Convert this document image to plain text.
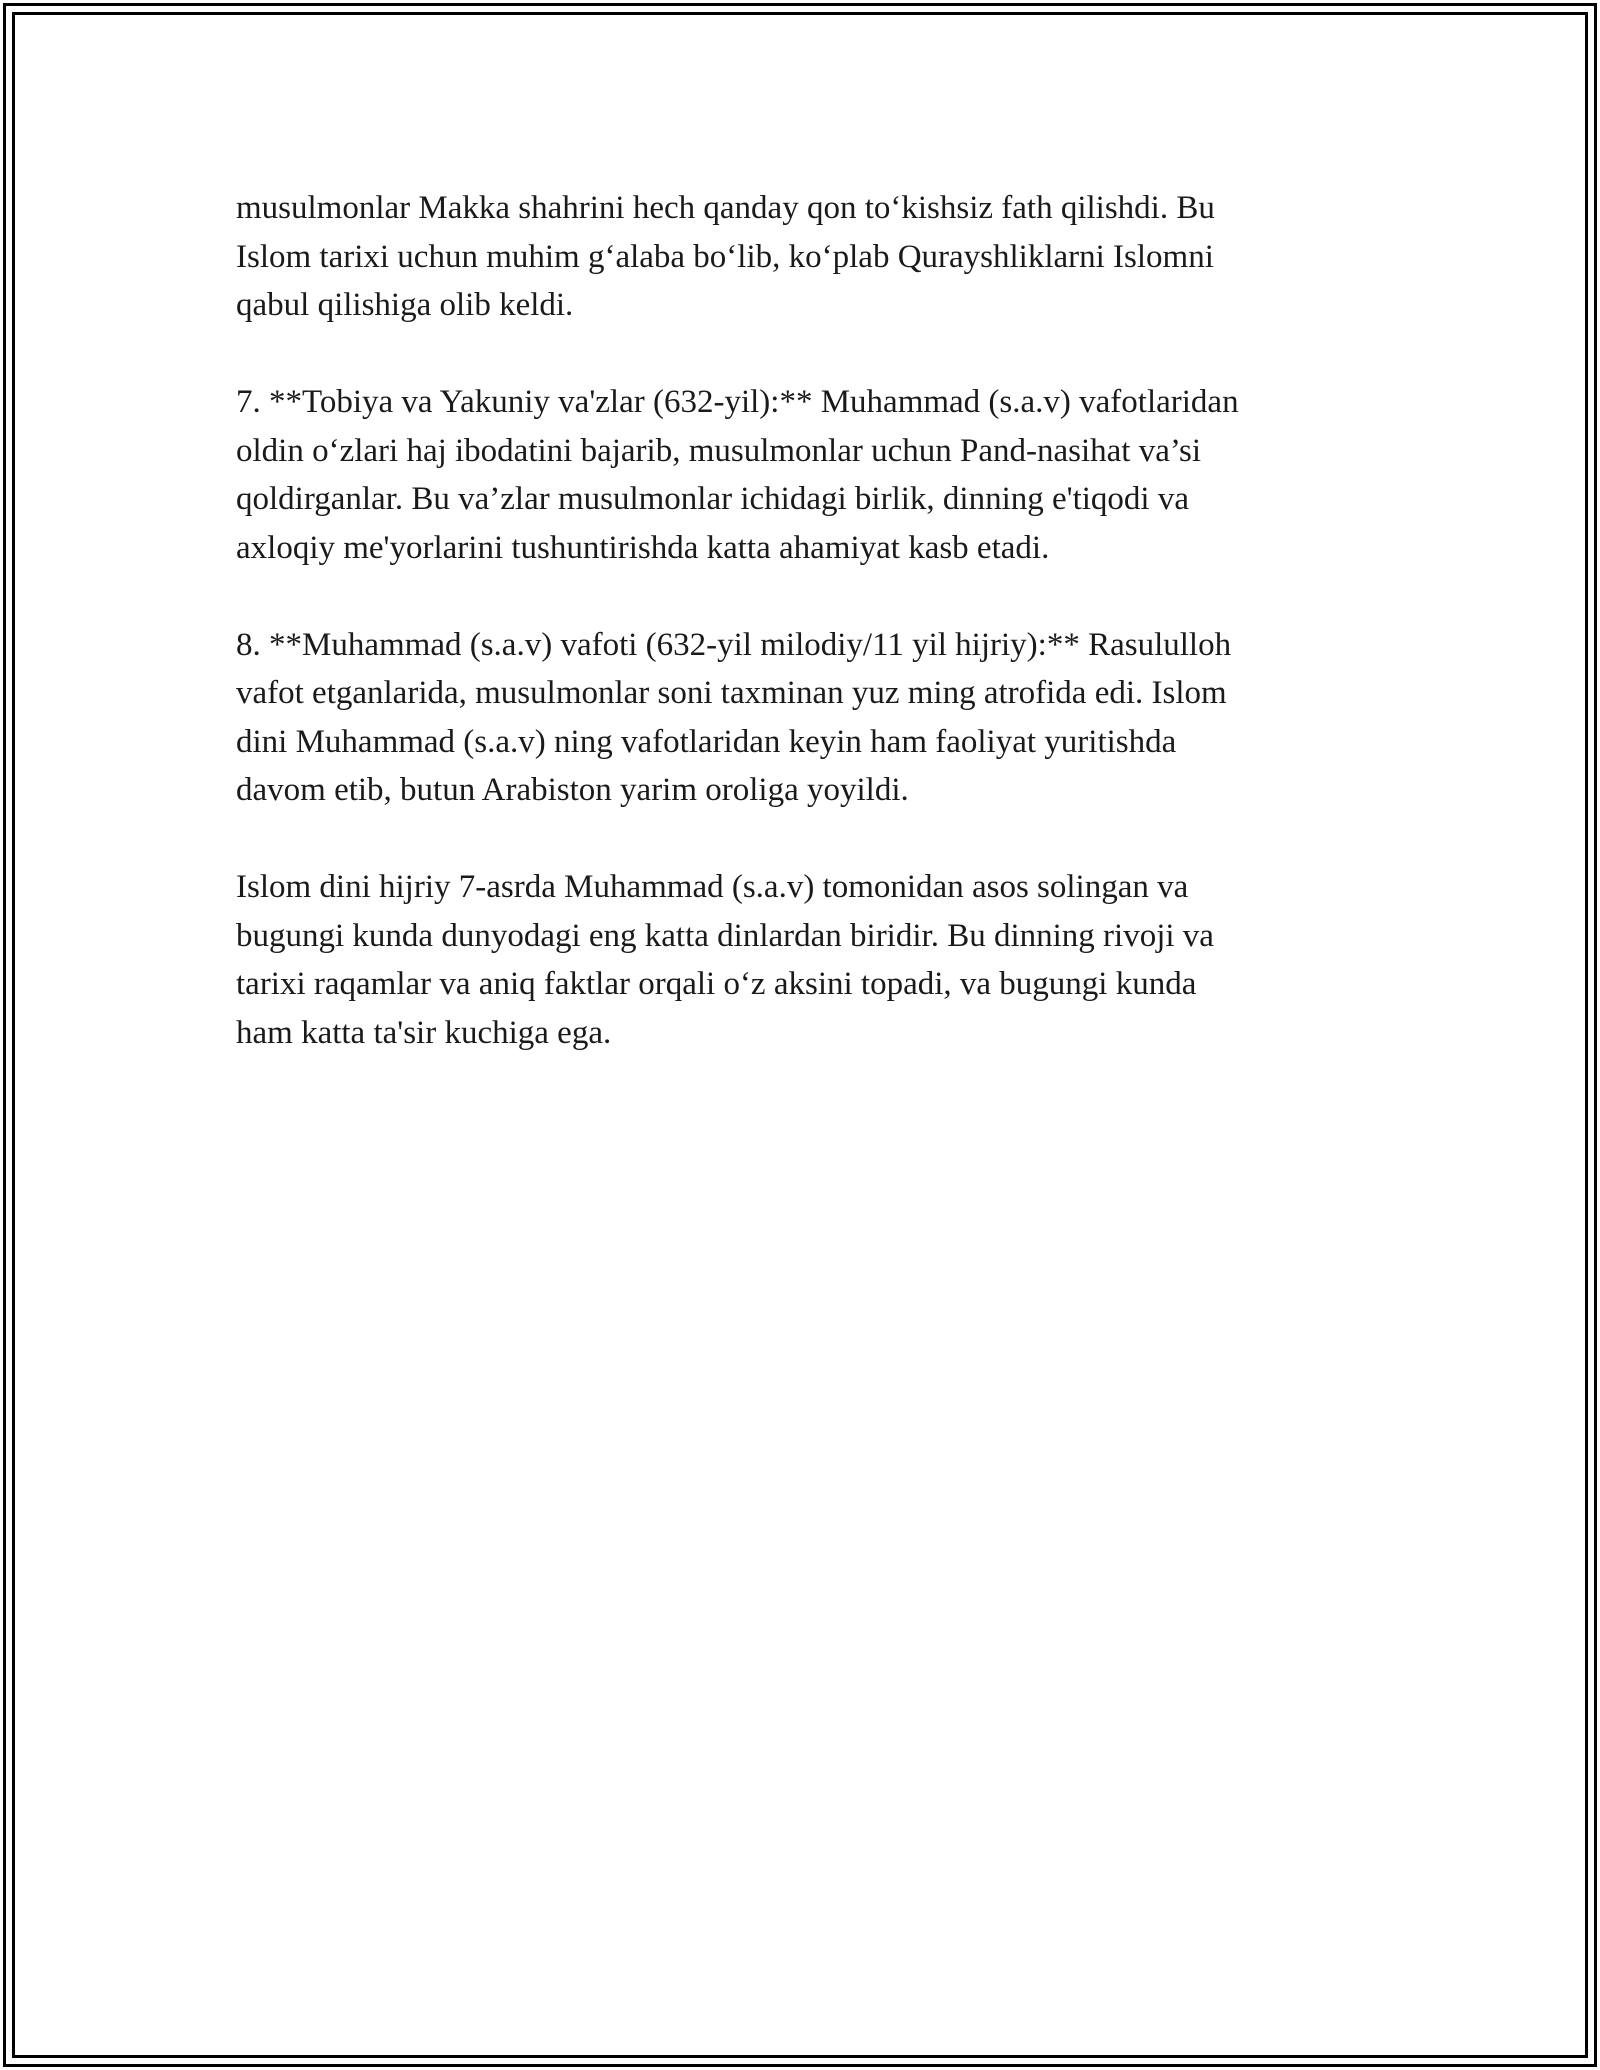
musulmonlar Makka shahrini hech qanday qon to‘kishsiz fath qilishdi. Bu
Islom tarixi uchun muhim g‘alaba bo‘lib, ko‘plab Qurayshliklarni Islomni
qabul qilishiga olib keldi.

7. **Tobiya va Yakuniy va'zlar (632-yil):** Muhammad (s.a.v) vafotlaridan
oldin o‘zlari haj ibodatini bajarib, musulmonlar uchun Pand-nasihat va’si
qoldirganlar. Bu va’zlar musulmonlar ichidagi birlik, dinning e'tiqodi va
axloqiy me'yorlarini tushuntirishda katta ahamiyat kasb etadi.

8. **Muhammad (s.a.v) vafoti (632-yil milodiy/11 yil hijriy):** Rasululloh
vafot etganlarida, musulmonlar soni taxminan yuz ming atrofida edi. Islom
dini Muhammad (s.a.v) ning vafotlaridan keyin ham faoliyat yuritishda
davom etib, butun Arabiston yarim oroliga yoyildi.

Islom dini hijriy 7-asrda Muhammad (s.a.v) tomonidan asos solingan va
bugungi kunda dunyodagi eng katta dinlardan biridir. Bu dinning rivoji va
tarixi raqamlar va aniq faktlar orqali o‘z aksini topadi, va bugungi kunda
ham katta ta'sir kuchiga ega.
